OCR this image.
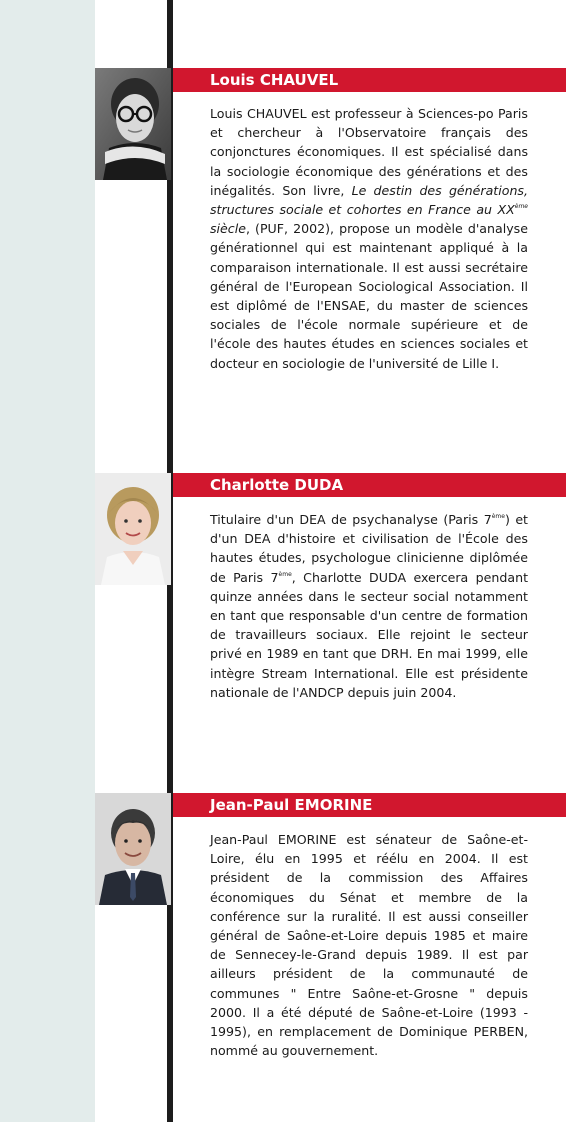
Louis CHAUVEL
Louis CHAUVEL est professeur à Sciences-po Paris et chercheur à l'Observatoire français des conjonctures économiques. Il est spécialisé dans la sociologie économique des générations et des inégalités. Son livre, Le destin des générations, structures sociale et cohortes en France au XXème siècle, (PUF, 2002), propose un modèle d'analyse générationnel qui est maintenant appliqué à la comparaison internationale. Il est aussi secrétaire général de l'European Sociological Association. Il est diplômé de l'ENSAE, du master de sciences sociales de l'école normale supérieure et de l'école des hautes études en sciences sociales et docteur en sociologie de l'université de Lille I.
Charlotte DUDA
Titulaire d'un DEA de psychanalyse (Paris 7ème) et d'un DEA d'histoire et civilisation de l'École des hautes études, psychologue clinicienne diplômée de Paris 7ème, Charlotte DUDA exercera pendant quinze années dans le secteur social notamment en tant que responsable d'un centre de formation de travailleurs sociaux. Elle rejoint le secteur privé en 1989 en tant que DRH. En mai 1999, elle intègre Stream International. Elle est présidente nationale de l'ANDCP depuis juin 2004.
Jean-Paul EMORINE
Jean-Paul EMORINE est sénateur de Saône-et-Loire, élu en 1995 et réélu en 2004. Il est président de la commission des Affaires économiques du Sénat et membre de la conférence sur la ruralité. Il est aussi conseiller général de Saône-et-Loire depuis 1985 et maire de Sennecey-le-Grand depuis 1989. Il est par ailleurs président de la communauté de communes " Entre Saône-et-Grosne " depuis 2000. Il a été député de Saône-et-Loire (1993 - 1995), en remplacement de Dominique PERBEN, nommé au gouvernement.
